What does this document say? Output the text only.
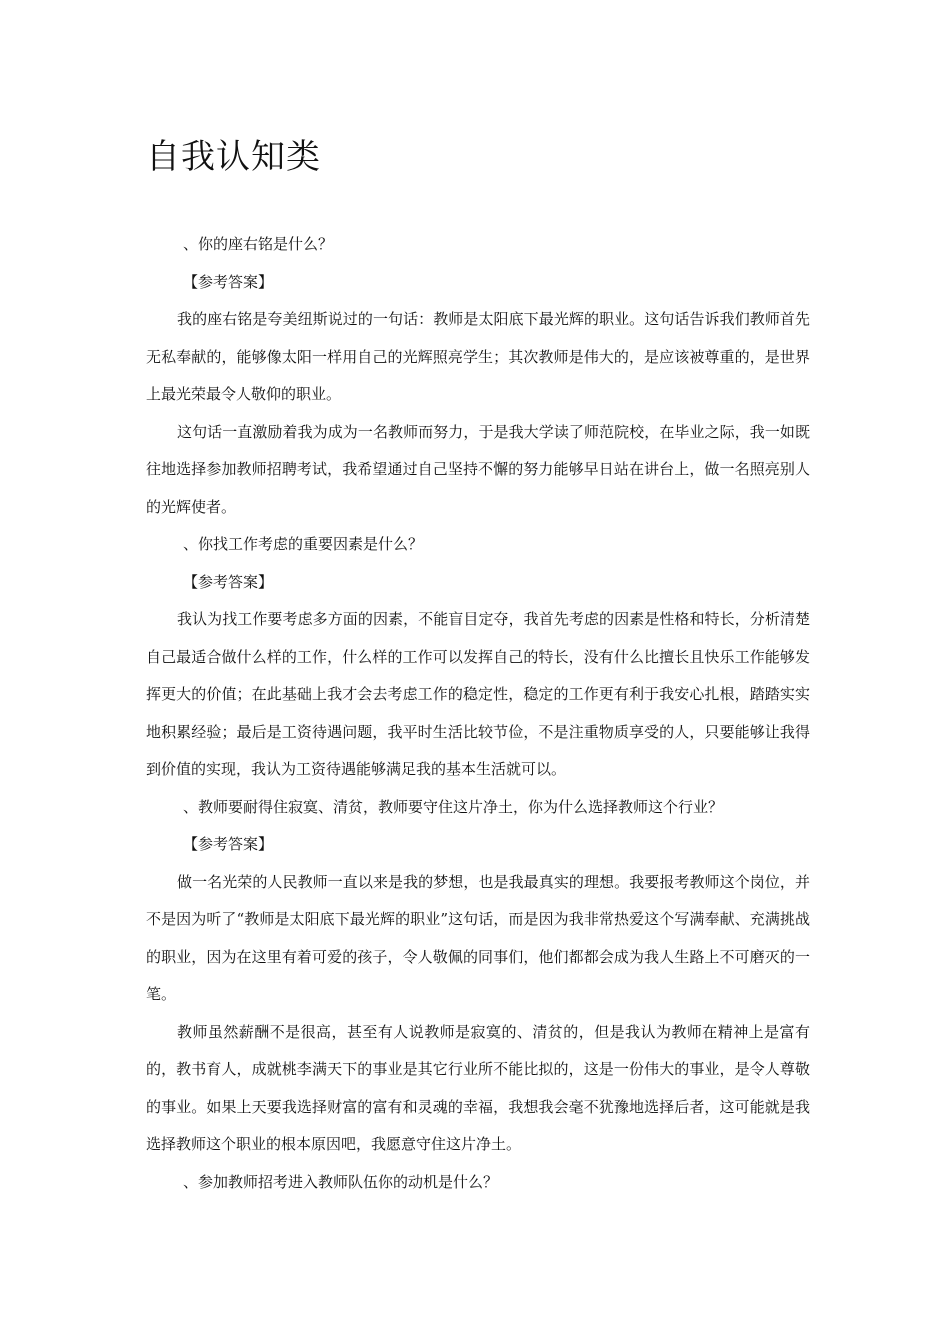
自我认知类

、你的座右铭是什么？

【参考答案】

我的座右铭是夸美纽斯说过的一句话：教师是太阳底下最光辉的职业。这句话告诉我们教师首先无私奉献的，能够像太阳一样用自己的光辉照亮学生；其次教师是伟大的，是应该被尊重的，是世界上最光荣最令人敬仰的职业。

这句话一直激励着我为成为一名教师而努力，于是我大学读了师范院校，在毕业之际，我一如既往地选择参加教师招聘考试，我希望通过自己坚持不懈的努力能够早日站在讲台上，做一名照亮别人的光辉使者。

、你找工作考虑的重要因素是什么？

【参考答案】

我认为找工作要考虑多方面的因素，不能盲目定夺，我首先考虑的因素是性格和特长，分析清楚自己最适合做什么样的工作，什么样的工作可以发挥自己的特长，没有什么比擅长且快乐工作能够发挥更大的价值；在此基础上我才会去考虑工作的稳定性，稳定的工作更有利于我安心扎根，踏踏实实地积累经验；最后是工资待遇问题，我平时生活比较节俭，不是注重物质享受的人，只要能够让我得到价值的实现，我认为工资待遇能够满足我的基本生活就可以。

、教师要耐得住寂寞、清贫，教师要守住这片净土，你为什么选择教师这个行业？

【参考答案】

做一名光荣的人民教师一直以来是我的梦想，也是我最真实的理想。我要报考教师这个岗位，并不是因为听了“教师是太阳底下最光辉的职业”这句话，而是因为我非常热爱这个写满奉献、充满挑战的职业，因为在这里有着可爱的孩子，令人敬佩的同事们，他们都都会成为我人生路上不可磨灭的一笔。

教师虽然薪酬不是很高，甚至有人说教师是寂寞的、清贫的，但是我认为教师在精神上是富有的，教书育人，成就桃李满天下的事业是其它行业所不能比拟的，这是一份伟大的事业，是令人尊敬的事业。如果上天要我选择财富的富有和灵魂的幸福，我想我会毫不犹豫地选择后者，这可能就是我选择教师这个职业的根本原因吧，我愿意守住这片净土。

、参加教师招考进入教师队伍你的动机是什么？
